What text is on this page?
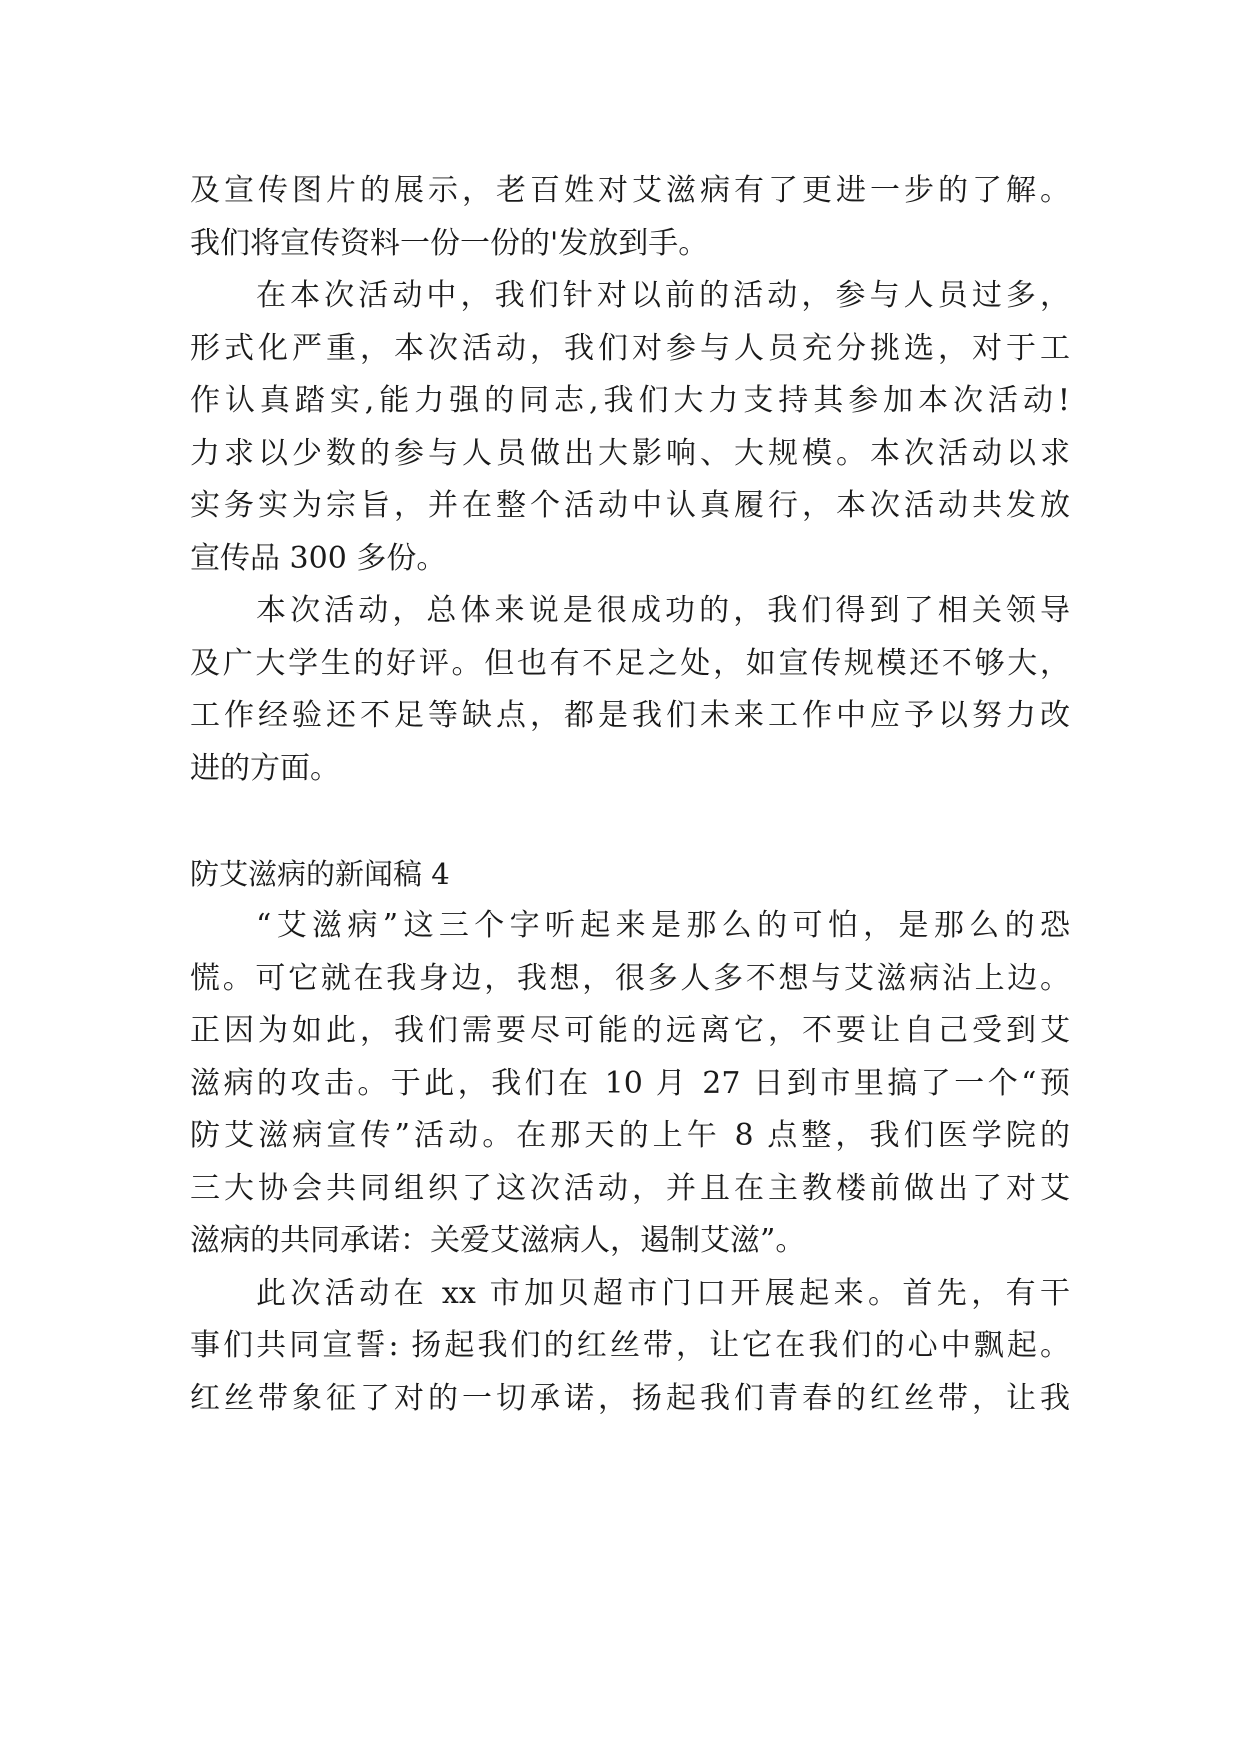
及宣传图片的展示，老百姓对艾滋病有了更进一步的了解。
我们将宣传资料一份一份的'发放到手。
在本次活动中，我们针对以前的活动，参与人员过多，
形式化严重，本次活动，我们对参与人员充分挑选，对于工
作认真踏实,能力强的同志,我们大力支持其参加本次活动!
力求以少数的参与人员做出大影响、大规模。本次活动以求
实务实为宗旨，并在整个活动中认真履行，本次活动共发放
宣传品 300 多份。
本次活动，总体来说是很成功的，我们得到了相关领导
及广大学生的好评。但也有不足之处，如宣传规模还不够大，
工作经验还不足等缺点，都是我们未来工作中应予以努力改
进的方面。
防艾滋病的新闻稿 4
“艾滋病”这三个字听起来是那么的可怕，是那么的恐
慌。可它就在我身边，我想，很多人多不想与艾滋病沾上边。
正因为如此，我们需要尽可能的远离它，不要让自己受到艾
滋病的攻击。于此，我们在 10 月 27 日到市里搞了一个“预
防艾滋病宣传”活动。在那天的上午 8 点整，我们医学院的
三大协会共同组织了这次活动，并且在主教楼前做出了对艾
滋病的共同承诺：关爱艾滋病人，遏制艾滋”。
此次活动在 xx 市加贝超市门口开展起来。首先，有干
事们共同宣誓: 扬起我们的红丝带，让它在我们的心中飘起。
红丝带象征了对的一切承诺，扬起我们青春的红丝带，让我
